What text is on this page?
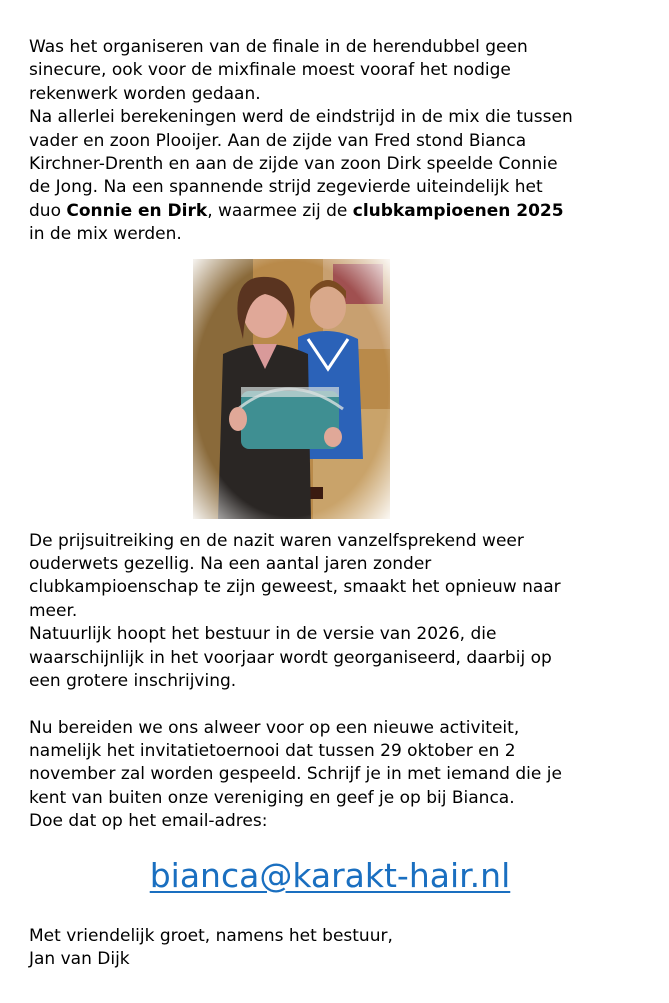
Was het organiseren van de finale in de herendubbel geen

sinecure, ook voor de mixfinale moest vooraf het nodige

rekenwerk worden gedaan.

Na allerlei berekeningen werd de eindstrijd in de mix die tussen

vader en zoon Plooijer. Aan de zijde van Fred stond Bianca

Kirchner-Drenth en aan de zijde van zoon Dirk speelde Connie

de Jong. Na een spannende strijd zegevierde uiteindelijk het

duo Connie en Dirk, waarmee zij de clubkampioenen 2025

in de mix werden.

De prijsuitreiking en de nazit waren vanzelfsprekend weer

ouderwets gezellig. Na een aantal jaren zonder

clubkampioenschap te zijn geweest, smaakt het opnieuw naar

meer.

Natuurlijk hoopt het bestuur in de versie van 2026, die

waarschijnlijk in het voorjaar wordt georganiseerd, daarbij op

een grotere inschrijving.

Nu bereiden we ons alweer voor op een nieuwe activiteit,

namelijk het invitatietoernooi dat tussen 29 oktober en 2

november zal worden gespeeld. Schrijf je in met iemand die je

kent van buiten onze vereniging en geef je op bij Bianca.

Doe dat op het email-adres:

bianca@karakt-hair.nl

Met vriendelijk groet, namens het bestuur,

Jan van Dijk
